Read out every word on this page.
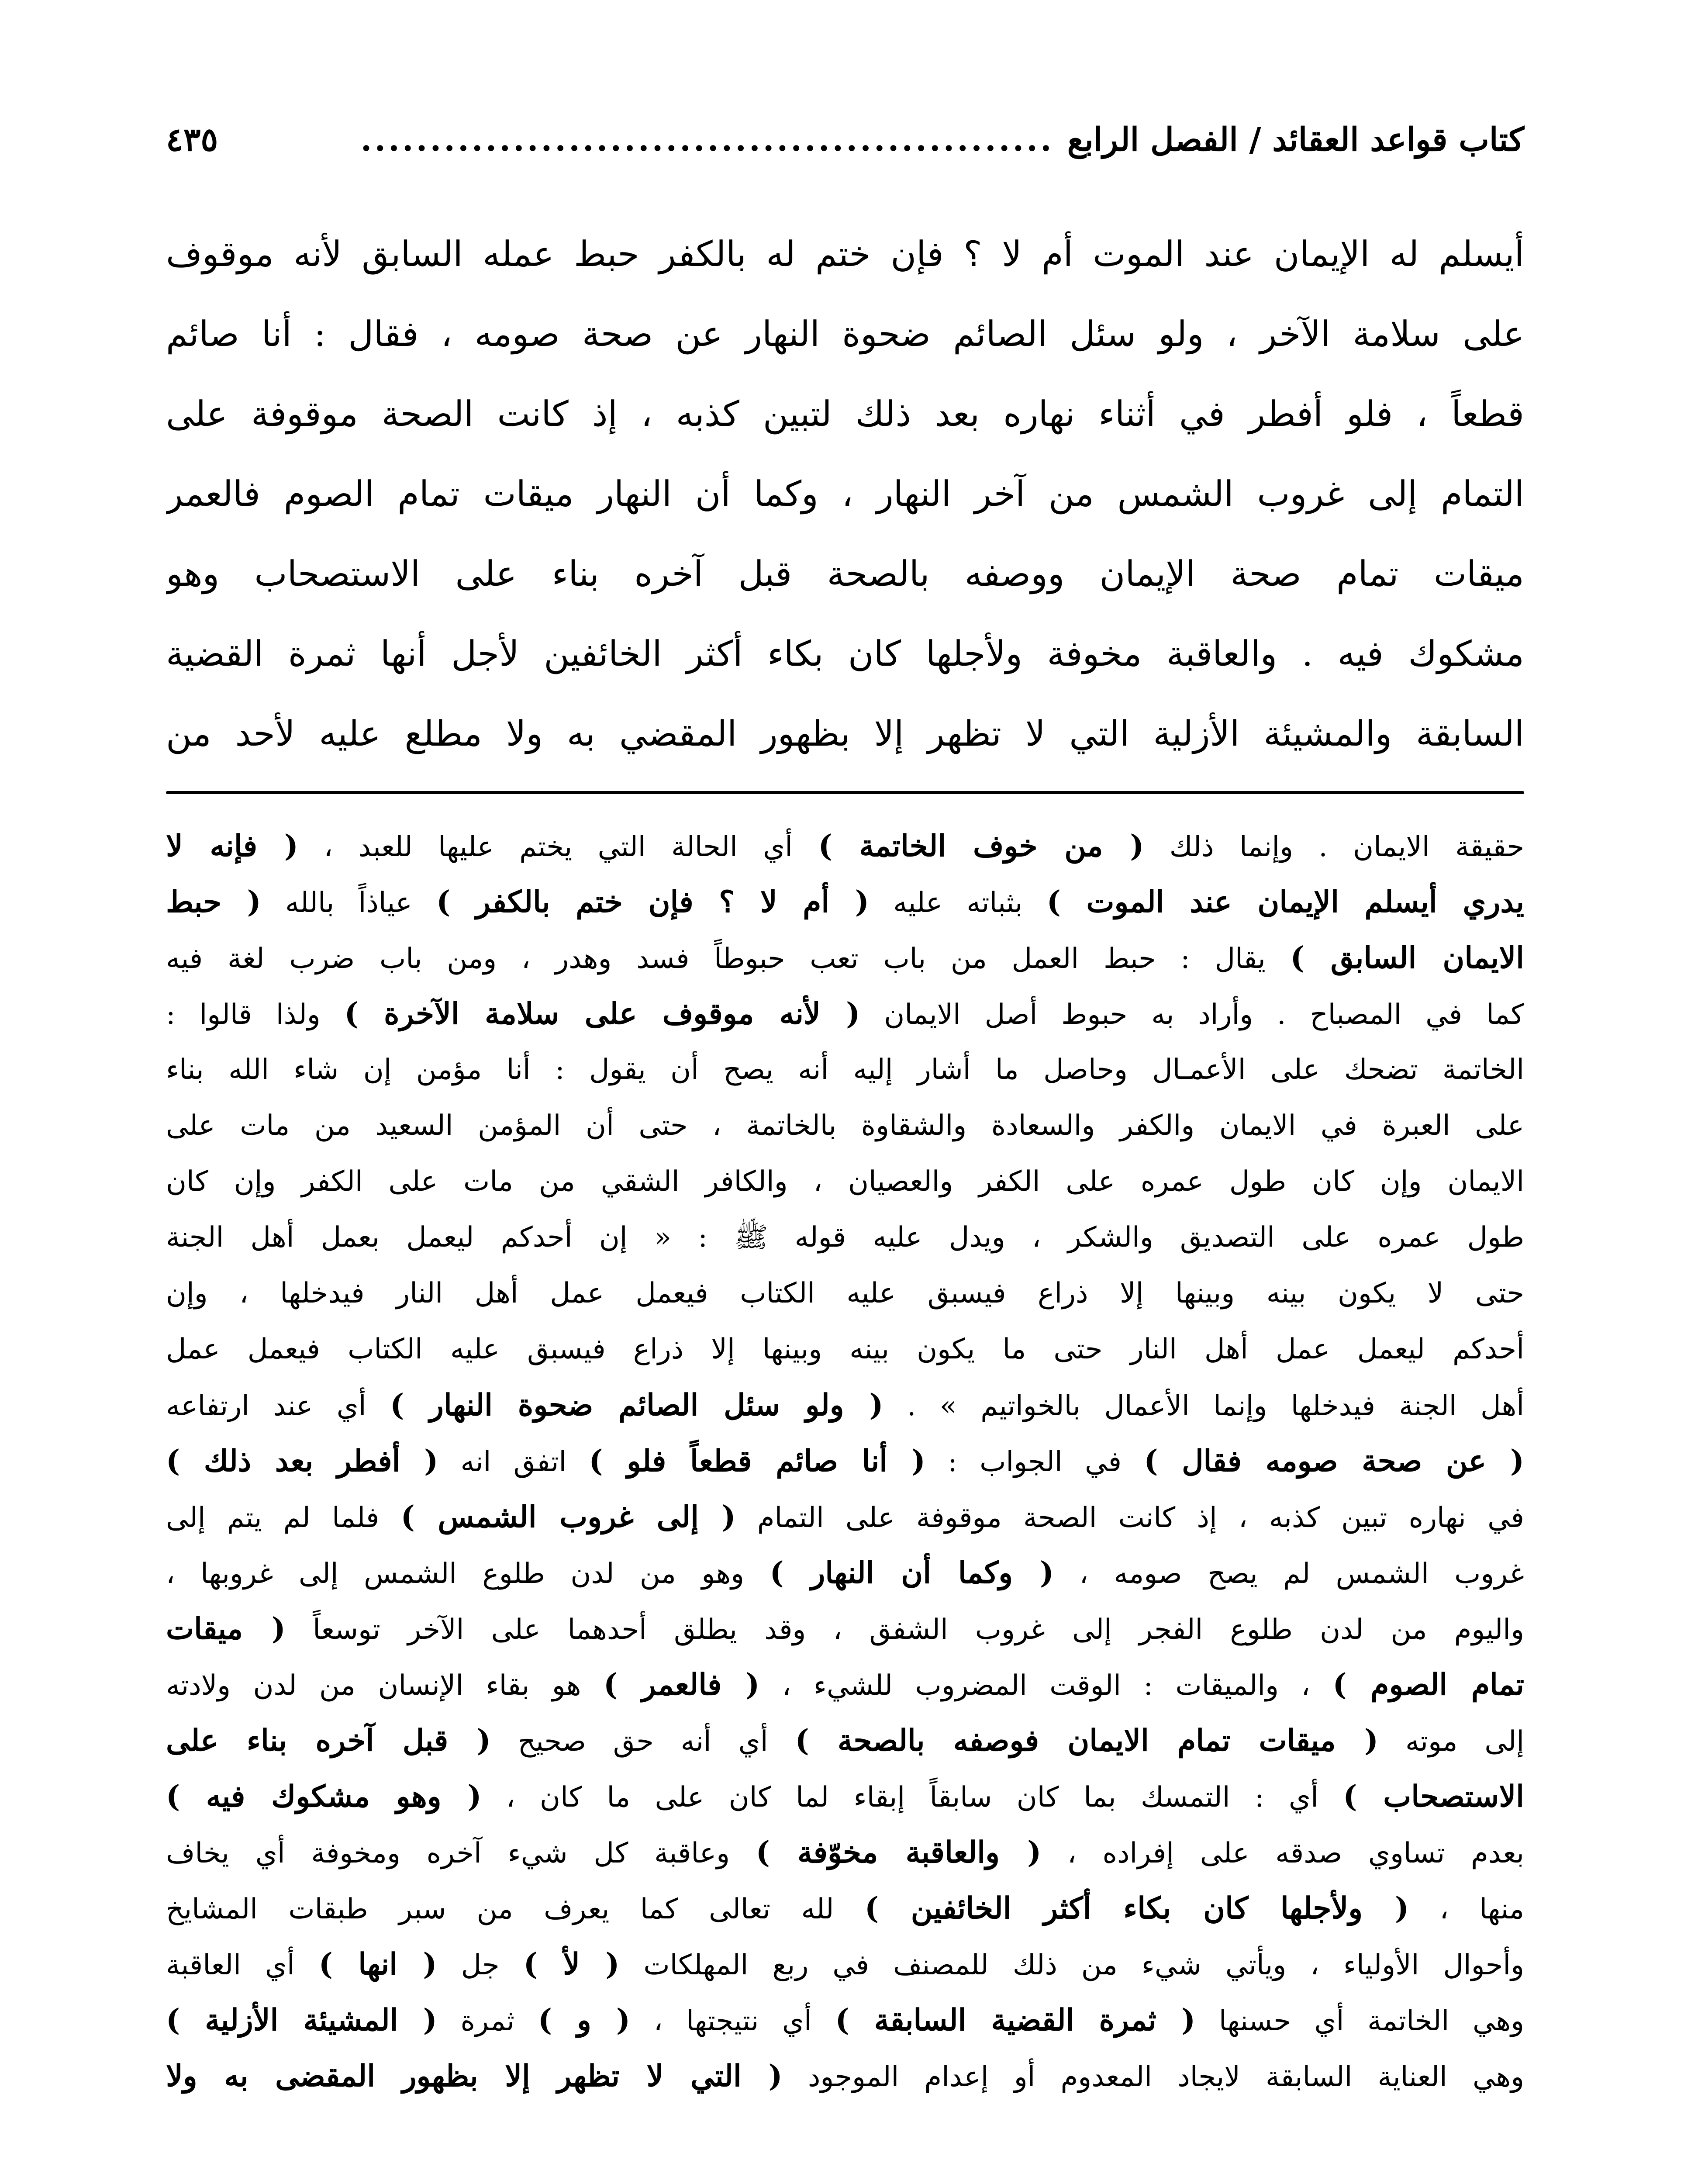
كتاب قواعد العقائد / الفصل الرابع
..................................................
٤٣٥
أيسلم له الإيمان عند الموت أم لا ؟ فإن ختم له بالكفر حبط عمله السابق لأنه موقوف
على سلامة الآخر ، ولو سئل الصائم ضحوة النهار عن صحة صومه ، فقال : أنا صائم
قطعاً ، فلو أفطر في أثناء نهاره بعد ذلك لتبين كذبه ، إذ كانت الصحة موقوفة على
التمام إلى غروب الشمس من آخر النهار ، وكما أن النهار ميقات تمام الصوم فالعمر
ميقات تمام صحة الإيمان ووصفه بالصحة قبل آخره بناء على الاستصحاب وهو
مشكوك فيه . والعاقبة مخوفة ولأجلها كان بكاء أكثر الخائفين لأجل أنها ثمرة القضية
السابقة والمشيئة الأزلية التي لا تظهر إلا بظهور المقضي به ولا مطلع عليه لأحد من
حقيقة الايمان . وإنما ذلك ( من خوف الخاتمة ) أي الحالة التي يختم عليها للعبد ، ( فإنه لا
يدري أيسلم الإيمان عند الموت ) بثباته عليه ( أم لا ؟ فإن ختم بالكفر ) عياذاً بالله ( حبط
الايمان السابق ) يقال : حبط العمل من باب تعب حبوطاً فسد وهدر ، ومن باب ضرب لغة فيه
كما في المصباح . وأراد به حبوط أصل الايمان ( لأنه موقوف على سلامة الآخرة ) ولذا قالوا :
الخاتمة تضحك على الأعمـال وحاصل ما أشار إليه أنه يصح أن يقول : أنا مؤمن إن شاء الله بناء
على العبرة في الايمان والكفر والسعادة والشقاوة بالخاتمة ، حتى أن المؤمن السعيد من مات على
الايمان وإن كان طول عمره على الكفر والعصيان ، والكافر الشقي من مات على الكفر وإن كان
طول عمره على التصديق والشكر ، ويدل عليه قوله ﷺ : « إن أحدكم ليعمل بعمل أهل الجنة
حتى لا يكون بينه وبينها إلا ذراع فيسبق عليه الكتاب فيعمل عمل أهل النار فيدخلها ، وإن
أحدكم ليعمل عمل أهل النار حتى ما يكون بينه وبينها إلا ذراع فيسبق عليه الكتاب فيعمل عمل
أهل الجنة فيدخلها وإنما الأعمال بالخواتيم » . ( ولو سئل الصائم ضحوة النهار ) أي عند ارتفاعه
( عن صحة صومه فقال ) في الجواب : ( أنا صائم قطعاً فلو ) اتفق انه ( أفطر بعد ذلك )
في نهاره تبين كذبه ، إذ كانت الصحة موقوفة على التمام ( إلى غروب الشمس ) فلما لم يتم إلى
غروب الشمس لم يصح صومه ، ( وكما أن النهار ) وهو من لدن طلوع الشمس إلى غروبها ،
واليوم من لدن طلوع الفجر إلى غروب الشفق ، وقد يطلق أحدهما على الآخر توسعاً ( ميقات
تمام الصوم ) ، والميقات : الوقت المضروب للشيء ، ( فالعمر ) هو بقاء الإنسان من لدن ولادته
إلى موته ( ميقات تمام الايمان فوصفه بالصحة ) أي أنه حق صحيح ( قبل آخره بناء على
الاستصحاب ) أي : التمسك بما كان سابقاً إبقاء لما كان على ما كان ، ( وهو مشكوك فيه )
بعدم تساوي صدقه على إفراده ، ( والعاقبة مخوّفة ) وعاقبة كل شيء آخره ومخوفة أي يخاف
منها ، ( ولأجلها كان بكاء أكثر الخائفين ) لله تعالى كما يعرف من سبر طبقات المشايخ
وأحوال الأولياء ، ويأتي شيء من ذلك للمصنف في ربع المهلكات ( لأ ) جل ( انها ) أي العاقبة
وهي الخاتمة أي حسنها ( ثمرة القضية السابقة ) أي نتيجتها ، ( و ) ثمرة ( المشيئة الأزلية )
وهي العناية السابقة لايجاد المعدوم أو إعدام الموجود ( التي لا تظهر إلا بظهور المقضى به ولا
